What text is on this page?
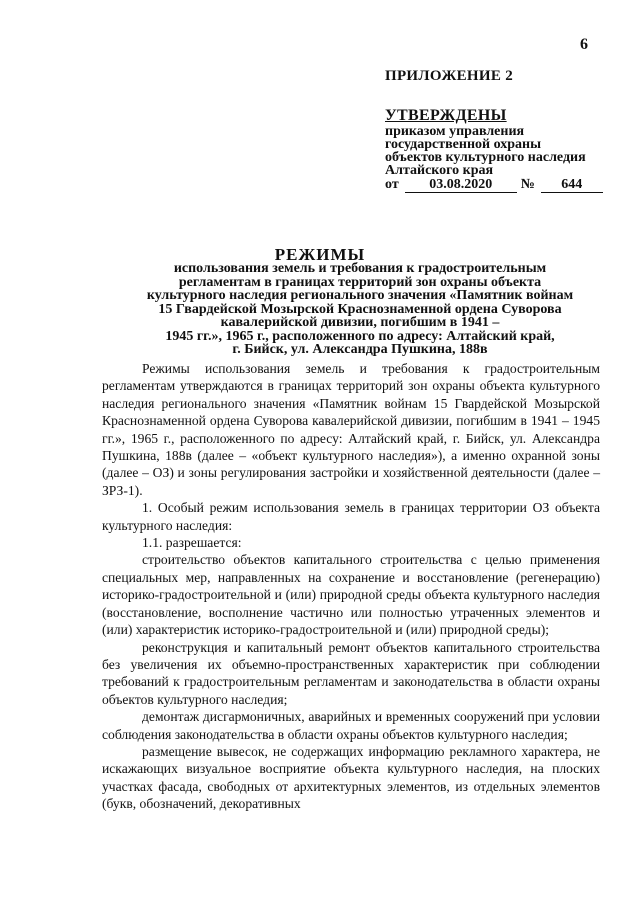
6
ПРИЛОЖЕНИЕ 2
УТВЕРЖДЕНЫ
приказом управления
государственной охраны
объектов культурного наследия
Алтайского края
от	03.08.2020	№	644
РЕЖИМЫ
использования земель и требования к градостроительным
регламентам в границах территорий зон охраны объекта
культурного наследия регионального значения «Памятник войнам
15 Гвардейской Мозырской Краснознаменной ордена Суворова
кавалерийской дивизии, погибшим в 1941 –
1945 гг.», 1965 г., расположенного по адресу: Алтайский край,
г. Бийск, ул. Александра Пушкина, 188в

Режимы использования земель и требования к градостроительным регламентам утверждаются в границах территорий зон охраны объекта культурного наследия регионального значения «Памятник войнам 15 Гвардейской Мозырской Краснознаменной ордена Суворова кавалерийской дивизии, погибшим в 1941 – 1945 гг.», 1965 г., расположенного по адресу: Алтайский край, г. Бийск, ул. Александра Пушкина, 188в (далее – «объект культурного наследия»), а именно охранной зоны (далее – ОЗ) и зоны регулирования застройки и хозяйственной деятельности (далее – ЗРЗ-1).

1. Особый режим использования земель в границах территории ОЗ объекта культурного наследия:

1.1. разрешается:

строительство объектов капитального строительства с целью применения специальных мер, направленных на сохранение и восстановление (регенерацию) историко-градостроительной и (или) природной среды объекта культурного наследия (восстановление, восполнение частично или полностью утраченных элементов и (или) характеристик историко-градостроительной и (или) природной среды);

реконструкция и капитальный ремонт объектов капитального строительства без увеличения их объемно-пространственных характеристик при соблюдении требований к градостроительным регламентам и законодательства в области охраны объектов культурного наследия;

демонтаж дисгармоничных, аварийных и временных сооружений при условии соблюдения законодательства в области охраны объектов культурного наследия;

размещение вывесок, не содержащих информацию рекламного характера, не искажающих визуальное восприятие объекта культурного наследия, на плоских участках фасада, свободных от архитектурных элементов, из отдельных элементов (букв, обозначений, декоративных
